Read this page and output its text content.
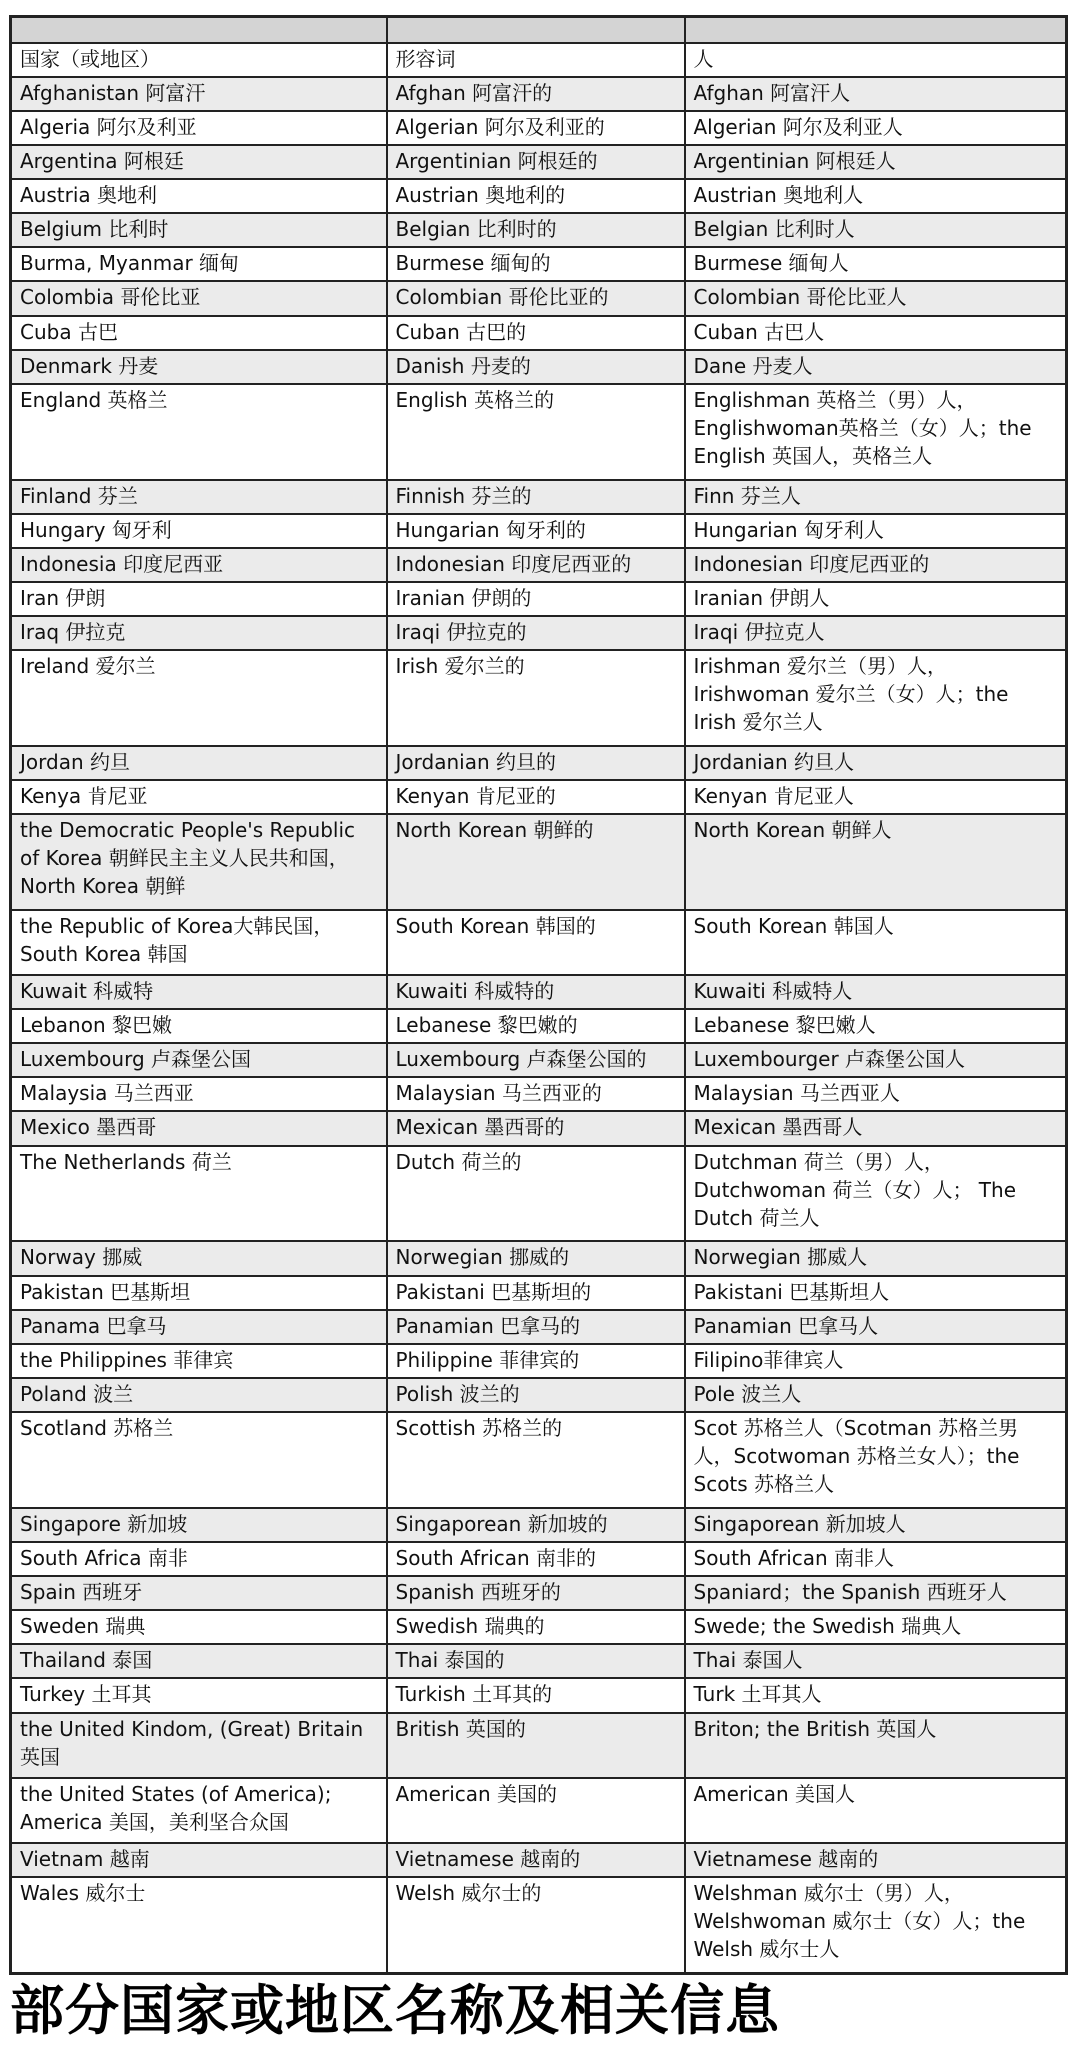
国家（或地区）	形容词	人
Afghanistan 阿富汗	Afghan 阿富汗的	Afghan 阿富汗人
Algeria 阿尔及利亚	Algerian 阿尔及利亚的	Algerian 阿尔及利亚人
Argentina 阿根廷	Argentinian 阿根廷的	Argentinian 阿根廷人
Austria 奥地利	Austrian 奥地利的	Austrian 奥地利人
Belgium 比利时	Belgian 比利时的	Belgian 比利时人
Burma, Myanmar 缅甸	Burmese 缅甸的	Burmese 缅甸人
Colombia 哥伦比亚	Colombian 哥伦比亚的	Colombian 哥伦比亚人
Cuba 古巴	Cuban 古巴的	Cuban 古巴人
Denmark 丹麦	Danish 丹麦的	Dane 丹麦人
England 英格兰	English 英格兰的	Englishman 英格兰（男）人，Englishwoman英格兰（女）人；the English 英国人，英格兰人
Finland 芬兰	Finnish 芬兰的	Finn 芬兰人
Hungary 匈牙利	Hungarian 匈牙利的	Hungarian 匈牙利人
Indonesia 印度尼西亚	Indonesian 印度尼西亚的	Indonesian 印度尼西亚的
Iran 伊朗	Iranian 伊朗的	Iranian 伊朗人
Iraq 伊拉克	Iraqi 伊拉克的	Iraqi 伊拉克人
Ireland 爱尔兰	Irish 爱尔兰的	Irishman 爱尔兰（男）人，Irishwoman 爱尔兰（女）人；the Irish 爱尔兰人
Jordan 约旦	Jordanian 约旦的	Jordanian 约旦人
Kenya 肯尼亚	Kenyan 肯尼亚的	Kenyan 肯尼亚人
the Democratic People's Republic of Korea 朝鲜民主主义人民共和国，North Korea 朝鲜	North Korean 朝鲜的	North Korean 朝鲜人
the Republic of Korea大韩民国，South Korea 韩国	South Korean 韩国的	South Korean 韩国人
Kuwait 科威特	Kuwaiti 科威特的	Kuwaiti 科威特人
Lebanon 黎巴嫩	Lebanese 黎巴嫩的	Lebanese 黎巴嫩人
Luxembourg 卢森堡公国	Luxembourg 卢森堡公国的	Luxembourger 卢森堡公国人
Malaysia 马兰西亚	Malaysian 马兰西亚的	Malaysian 马兰西亚人
Mexico 墨西哥	Mexican 墨西哥的	Mexican 墨西哥人
The Netherlands 荷兰	Dutch 荷兰的	Dutchman 荷兰（男）人，Dutchwoman 荷兰（女）人； The Dutch 荷兰人
Norway 挪威	Norwegian 挪威的	Norwegian 挪威人
Pakistan 巴基斯坦	Pakistani 巴基斯坦的	Pakistani 巴基斯坦人
Panama 巴拿马	Panamian 巴拿马的	Panamian 巴拿马人
the Philippines 菲律宾	Philippine 菲律宾的	Filipino菲律宾人
Poland 波兰	Polish 波兰的	Pole 波兰人
Scotland 苏格兰	Scottish 苏格兰的	Scot 苏格兰人（Scotman 苏格兰男人，Scotwoman 苏格兰女人）；the Scots 苏格兰人
Singapore 新加坡	Singaporean 新加坡的	Singaporean 新加坡人
South Africa 南非	South African 南非的	South African 南非人
Spain 西班牙	Spanish 西班牙的	Spaniard；the Spanish 西班牙人
Sweden 瑞典	Swedish 瑞典的	Swede; the Swedish 瑞典人
Thailand 泰国	Thai 泰国的	Thai 泰国人
Turkey 土耳其	Turkish 土耳其的	Turk 土耳其人
the United Kindom, (Great) Britain 英国	British 英国的	Briton; the British 英国人
the United States (of America); America 美国，美利坚合众国	American 美国的	American 美国人
Vietnam 越南	Vietnamese 越南的	Vietnamese 越南的
Wales 威尔士	Welsh 威尔士的	Welshman 威尔士（男）人，Welshwoman 威尔士（女）人；the Welsh 威尔士人
部分国家或地区名称及相关信息
